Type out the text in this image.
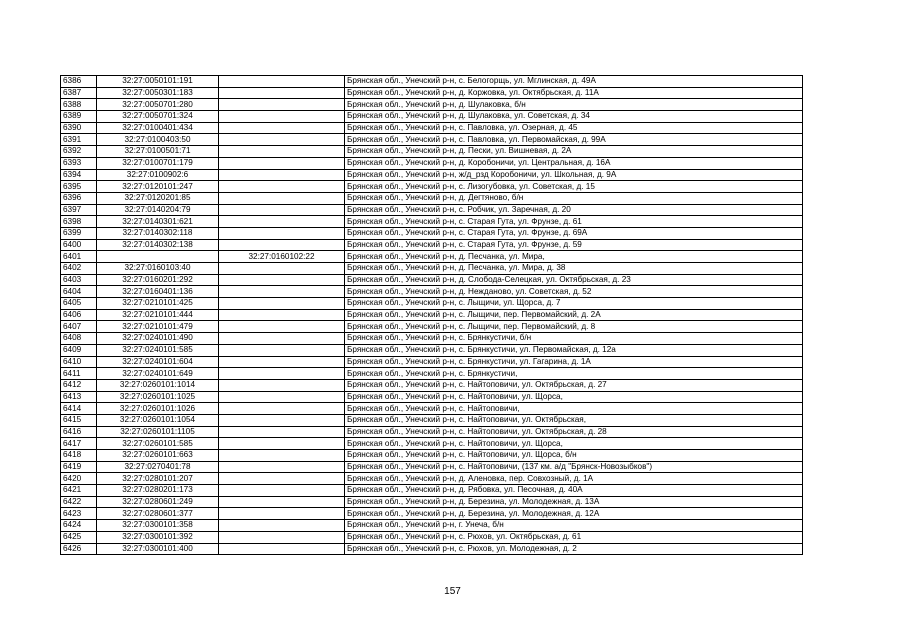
6386	32:27:0050101:191		Брянская обл., Унечский р-н, с. Белогорщь, ул. Мглинская, д. 49А
6387	32:27:0050301:183		Брянская обл., Унечский р-н, д. Коржовка, ул. Октябрьская, д. 11А
6388	32:27:0050701:280		Брянская обл., Унечский р-н, д. Шулаковка, б/н
6389	32:27:0050701:324		Брянская обл., Унечский р-н, д. Шулаковка, ул. Советская, д. 34
6390	32:27:0100401:434		Брянская обл., Унечский р-н, с. Павловка, ул. Озерная, д. 45
6391	32:27:0100403:50		Брянская обл., Унечский р-н, с. Павловка, ул. Первомайская, д. 99А
6392	32:27:0100501:71		Брянская обл., Унечский р-н, д. Пески, ул. Вишневая, д. 2А
6393	32:27:0100701:179		Брянская обл., Унечский р-н, д. Коробоничи, ул. Центральная, д. 16А
6394	32:27:0100902:6		Брянская обл., Унечский р-н, ж/д_рзд Коробоничи, ул. Школьная, д. 9А
6395	32:27:0120101:247		Брянская обл., Унечский р-н, с. Лизогубовка, ул. Советская, д. 15
6396	32:27:0120201:85		Брянская обл., Унечский р-н, д. Дегтяново, б/н
6397	32:27:0140204:79		Брянская обл., Унечский р-н, с. Робчик, ул. Заречная, д. 20
6398	32:27:0140301:621		Брянская обл., Унечский р-н, с. Старая Гута, ул. Фрунзе, д. 61
6399	32:27:0140302:118		Брянская обл., Унечский р-н, с. Старая Гута, ул. Фрунзе, д. 69А
6400	32:27:0140302:138		Брянская обл., Унечский р-н, с. Старая Гута, ул. Фрунзе, д. 59
6401		32:27:0160102:22	Брянская обл., Унечский р-н, д. Песчанка, ул. Мира,
6402	32:27:0160103:40		Брянская обл., Унечский р-н, д. Песчанка, ул. Мира, д. 38
6403	32:27:0160201:292		Брянская обл., Унечский р-н, д. Слобода-Селецкая, ул. Октябрьская, д. 23
6404	32:27:0160401:136		Брянская обл., Унечский р-н, д. Нежданово, ул. Советская, д. 52
6405	32:27:0210101:425		Брянская обл., Унечский р-н, с. Лыщичи, ул. Щорса, д. 7
6406	32:27:0210101:444		Брянская обл., Унечский р-н, с. Лыщичи, пер. Первомайский, д. 2А
6407	32:27:0210101:479		Брянская обл., Унечский р-н, с. Лыщичи, пер. Первомайский, д. 8
6408	32:27:0240101:490		Брянская обл., Унечский р-н, с. Брянкустичи, б/н
6409	32:27:0240101:585		Брянская обл., Унечский р-н, с. Брянкустичи, ул. Первомайская, д. 12а
6410	32:27:0240101:604		Брянская обл., Унечский р-н, с. Брянкустичи, ул. Гагарина, д. 1А
6411	32:27:0240101:649		Брянская обл., Унечский р-н, с. Брянкустичи,
6412	32:27:0260101:1014		Брянская обл., Унечский р-н, с. Найтоповичи, ул. Октябрьская, д. 27
6413	32:27:0260101:1025		Брянская обл., Унечский р-н, с. Найтоповичи, ул. Щорса,
6414	32:27:0260101:1026		Брянская обл., Унечский р-н, с. Найтоповичи,
6415	32:27:0260101:1054		Брянская обл., Унечский р-н, с. Найтоповичи, ул. Октябрьская,
6416	32:27:0260101:1105		Брянская обл., Унечский р-н, с. Найтоповичи, ул. Октябрьская, д. 28
6417	32:27:0260101:585		Брянская обл., Унечский р-н, с. Найтоповичи, ул. Щорса,
6418	32:27:0260101:663		Брянская обл., Унечский р-н, с. Найтоповичи, ул. Щорса, б/н
6419	32:27:0270401:78		Брянская обл., Унечский р-н, с. Найтоповичи, (137 км. а/д "Брянск-Новозыбков")
6420	32:27:0280101:207		Брянская обл., Унечский р-н, д. Аленовка, пер. Совхозный, д. 1А
6421	32:27:0280201:173		Брянская обл., Унечский р-н, д. Рябовка, ул. Песочная, д. 40А
6422	32:27:0280601:249		Брянская обл., Унечский р-н, д. Березина, ул. Молодежная, д. 13А
6423	32:27:0280601:377		Брянская обл., Унечский р-н, д. Березина, ул. Молодежная, д. 12А
6424	32:27:0300101:358		Брянская обл., Унечский р-н, г. Унеча, б/н
6425	32:27:0300101:392		Брянская обл., Унечский р-н, с. Рюхов, ул. Октябрьская, д. 61
6426	32:27:0300101:400		Брянская обл., Унечский р-н, с. Рюхов, ул. Молодежная, д. 2
157
